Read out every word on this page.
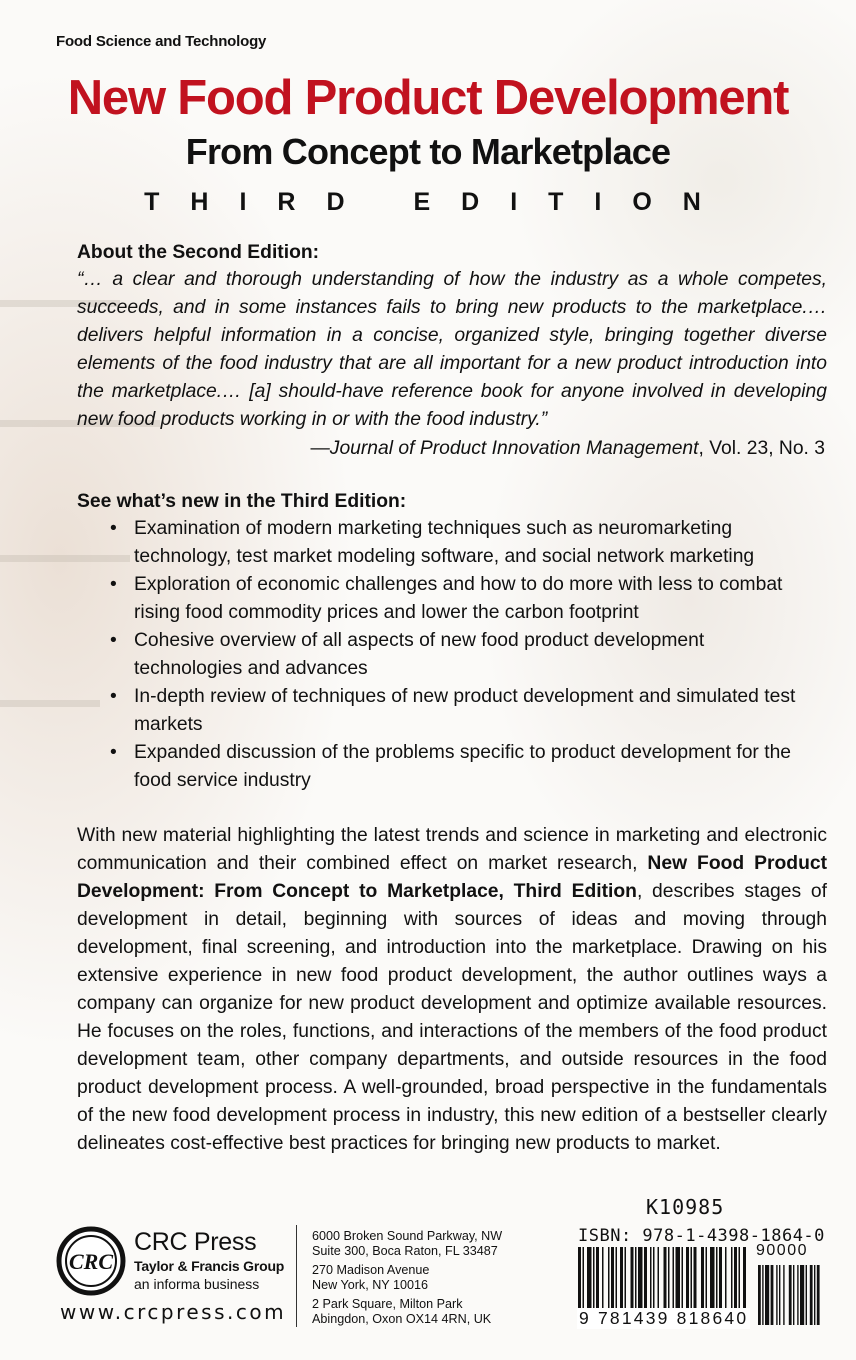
Food Science and Technology
New Food Product Development
From Concept to Marketplace
THIRD EDITION
About the Second Edition:
“… a clear and thorough understanding of how the industry as a whole competes, succeeds, and in some instances fails to bring new products to the marketplace.… delivers helpful information in a concise, organized style, bringing together diverse elements of the food industry that are all important for a new product introduction into the marketplace.… [a] should-have reference book for anyone involved in developing new food products working in or with the food industry.”
—Journal of Product Innovation Management, Vol. 23, No. 3
See what’s new in the Third Edition:
• Examination of modern marketing techniques such as neuromarketing technology, test market modeling software, and social network marketing
• Exploration of economic challenges and how to do more with less to combat rising food commodity prices and lower the carbon footprint
• Cohesive overview of all aspects of new food product development technologies and advances
• In-depth review of techniques of new product development and simulated test markets
• Expanded discussion of the problems specific to product development for the food service industry
With new material highlighting the latest trends and science in marketing and electronic communication and their combined effect on market research, New Food Product Development: From Concept to Marketplace, Third Edition, describes stages of development in detail, beginning with sources of ideas and moving through development, final screening, and introduction into the marketplace. Drawing on his extensive experience in new food product development, the author outlines ways a company can organize for new product development and optimize available resources. He focuses on the roles, functions, and interactions of the members of the food product development team, other company departments, and outside resources in the food product development process. A well-grounded, broad perspective in the fundamentals of the new food development process in industry, this new edition of a bestseller clearly delineates cost-effective best practices for bringing new products to market.
CRC
CRC Press
Taylor & Francis Group
an informa business
www.crcpress.com
6000 Broken Sound Parkway, NW
Suite 300, Boca Raton, FL 33487
270 Madison Avenue
New York, NY 10016
2 Park Square, Milton Park
Abingdon, Oxon OX14 4RN, UK
K10985
ISBN: 978-1-4398-1864-0
90000
9 781439 818640
